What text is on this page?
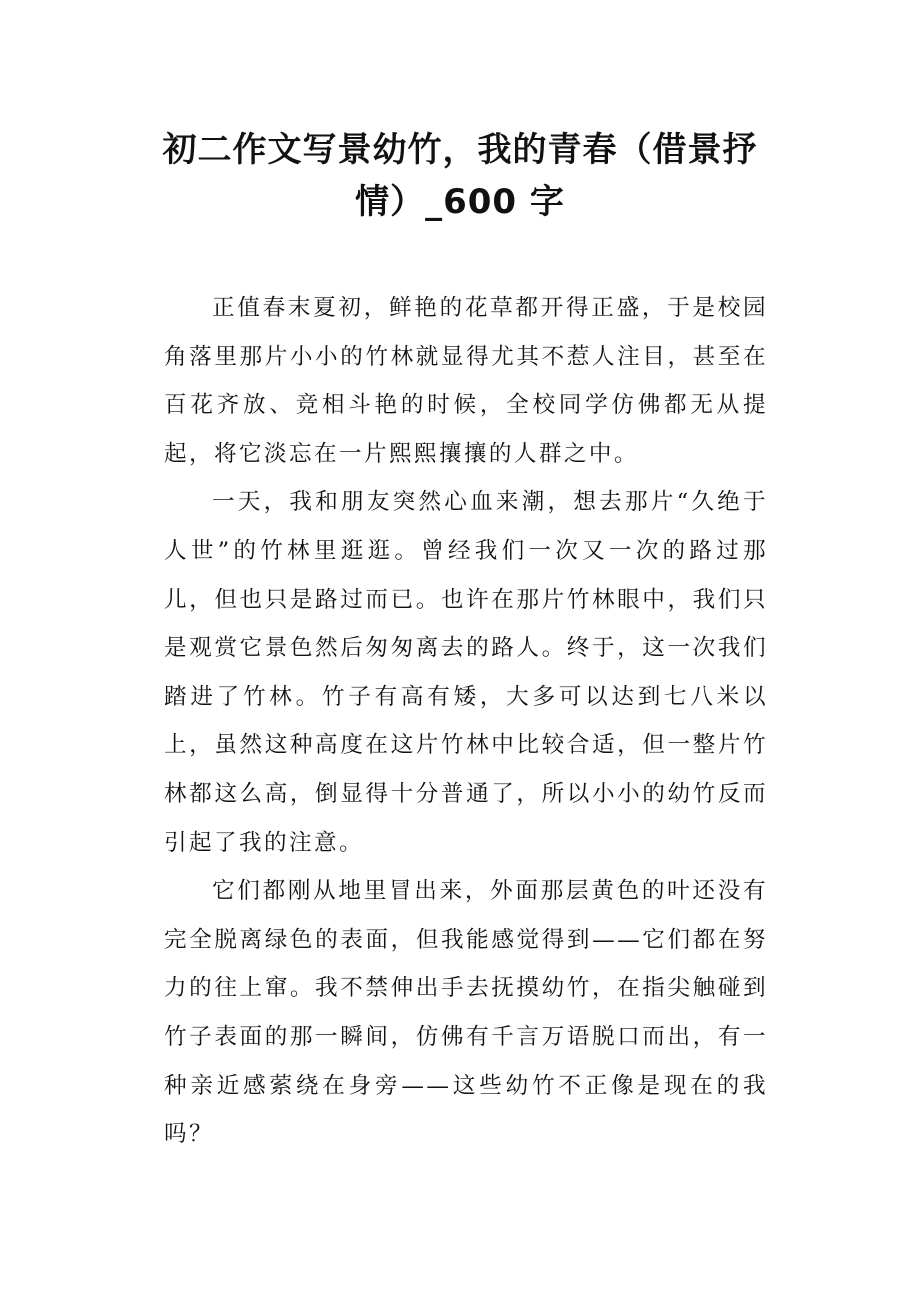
初二作文写景幼竹，我的青春（借景抒
情）_600 字

正值春末夏初，鲜艳的花草都开得正盛，于是校园角落里那片小小的竹林就显得尤其不惹人注目，甚至在百花齐放、竞相斗艳的时候，全校同学仿佛都无从提起，将它淡忘在一片熙熙攘攘的人群之中。

一天，我和朋友突然心血来潮，想去那片“久绝于人世”的竹林里逛逛。曾经我们一次又一次的路过那儿，但也只是路过而已。也许在那片竹林眼中，我们只是观赏它景色然后匆匆离去的路人。终于，这一次我们踏进了竹林。竹子有高有矮，大多可以达到七八米以上，虽然这种高度在这片竹林中比较合适，但一整片竹林都这么高，倒显得十分普通了，所以小小的幼竹反而引起了我的注意。

它们都刚从地里冒出来，外面那层黄色的叶还没有完全脱离绿色的表面，但我能感觉得到——它们都在努力的往上窜。我不禁伸出手去抚摸幼竹，在指尖触碰到竹子表面的那一瞬间，仿佛有千言万语脱口而出，有一种亲近感萦绕在身旁——这些幼竹不正像是现在的我吗？
